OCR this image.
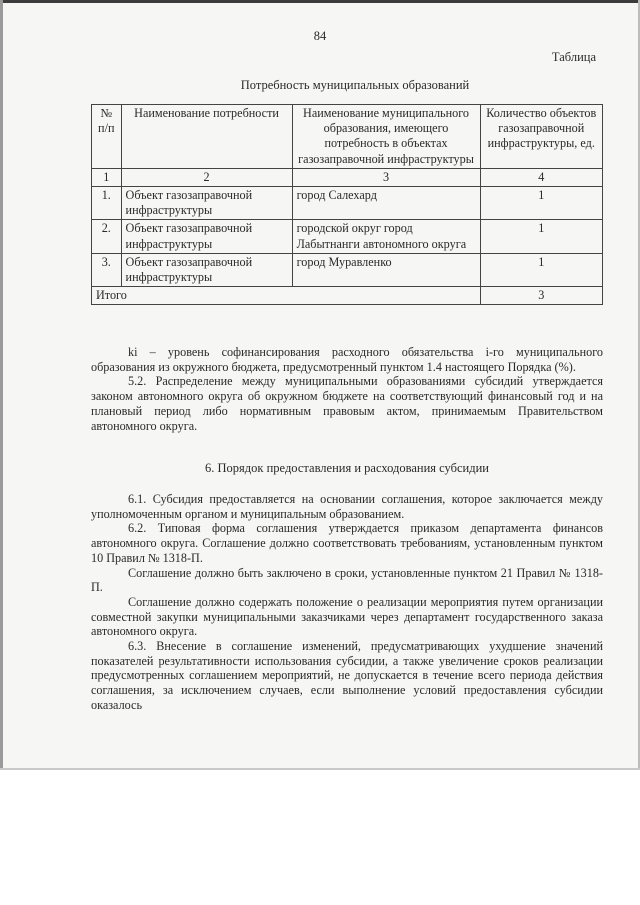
84
Таблица
Потребность муниципальных образований
№ п/п	Наименование потребности	Наименование муниципального образования, имеющего потребность в объектах газозаправочной инфраструктуры	Количество объектов газозаправочной инфраструктуры, ед.
1	2	3	4
1.	Объект газозаправочной инфраструктуры	город Салехард	1
2.	Объект газозаправочной инфраструктуры	городской округ город Лабытнанги автономного округа	1
3.	Объект газозаправочной инфраструктуры	город Муравленко	1
Итого			3

ki – уровень софинансирования расходного обязательства i-го муниципального образования из окружного бюджета, предусмотренный пунктом 1.4 настоящего Порядка (%).

5.2. Распределение между муниципальными образованиями субсидий утверждается законом автономного округа об окружном бюджете на соответствующий финансовый год и на плановый период либо нормативным правовым актом, принимаемым Правительством автономного округа.

6. Порядок предоставления и расходования субсидии

6.1. Субсидия предоставляется на основании соглашения, которое заключается между уполномоченным органом и муниципальным образованием.

6.2. Типовая форма соглашения утверждается приказом департамента финансов автономного округа. Соглашение должно соответствовать требованиям, установленным пунктом 10 Правил № 1318-П.

Соглашение должно быть заключено в сроки, установленные пунктом 21 Правил № 1318-П.

Соглашение должно содержать положение о реализации мероприятия путем организации совместной закупки муниципальными заказчиками через департамент государственного заказа автономного округа.

6.3. Внесение в соглашение изменений, предусматривающих ухудшение значений показателей результативности использования субсидии, а также увеличение сроков реализации предусмотренных соглашением мероприятий, не допускается в течение всего периода действия соглашения, за исключением случаев, если выполнение условий предоставления субсидии оказалось
